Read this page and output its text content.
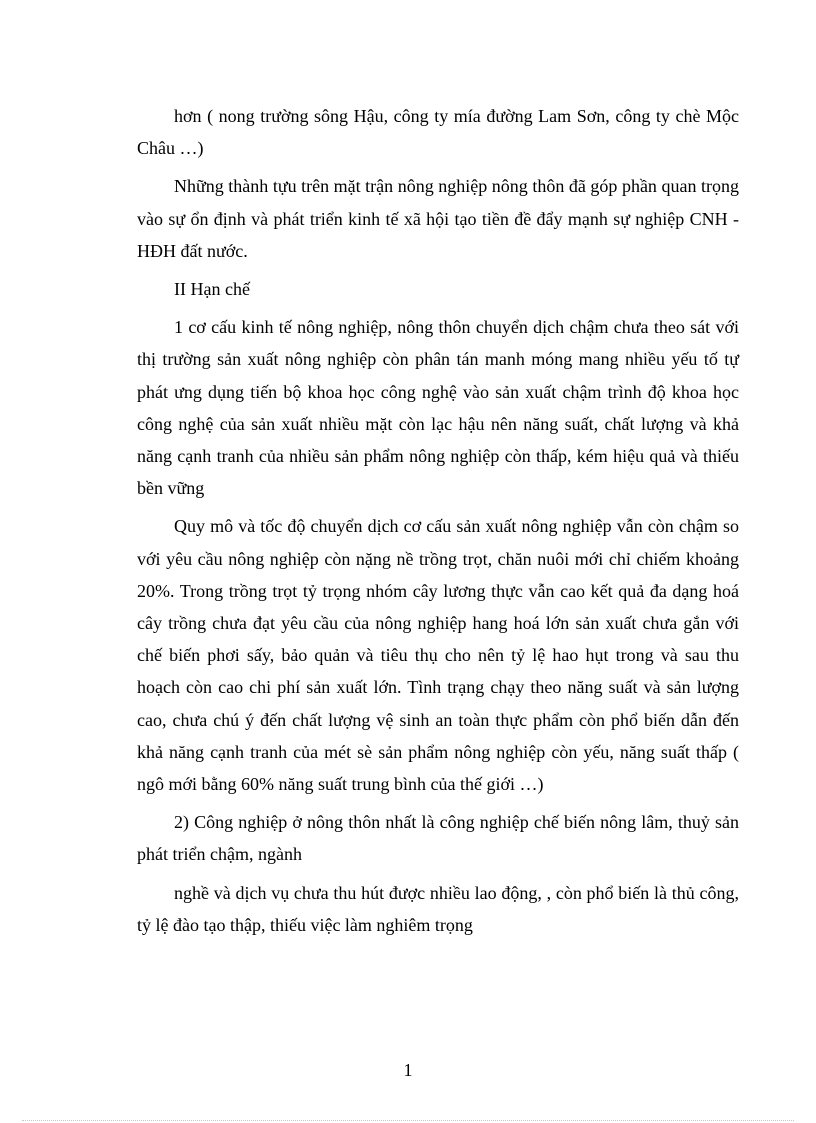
hơn ( nong trường sông Hậu, công ty mía đường Lam Sơn, công ty chè Mộc Châu …)

Những thành tựu trên mặt trận nông nghiệp nông thôn đã góp phần quan trọng vào sự ổn định và phát triển kinh tế xã hội tạo tiền đề đẩy mạnh sự nghiệp CNH - HĐH đất nước.

II Hạn chế

1 cơ cấu kinh tế nông nghiệp, nông thôn chuyển dịch chậm chưa theo sát với thị trường sản xuất nông nghiệp còn phân tán manh móng mang nhiều yếu tố tự phát ưng dụng tiến bộ khoa học công nghệ vào sản xuất chậm trình độ khoa học công nghệ của sản xuất nhiều mặt còn lạc hậu nên năng suất, chất lượng và khả năng cạnh tranh của nhiều sản phẩm nông nghiệp còn thấp, kém hiệu quả và thiếu bền vững

Quy mô và tốc độ chuyển dịch cơ cấu sản xuất nông nghiệp vẫn còn chậm so với yêu cầu nông nghiệp còn nặng nề trồng trọt, chăn nuôi mới chỉ chiếm khoảng 20%. Trong trồng trọt tỷ trọng nhóm cây lương thực vẫn cao kết quả đa dạng hoá cây trồng chưa đạt yêu cầu của nông nghiệp hang hoá lớn sản xuất chưa gắn với chế biến phơi sấy, bảo quản và tiêu thụ cho nên tỷ lệ hao hụt trong và sau thu hoạch còn cao chi phí sản xuất lớn. Tình trạng chạy theo năng suất và sản lượng cao, chưa chú ý đến chất lượng vệ sinh an toàn thực phẩm còn phổ biến dẫn đến khả năng cạnh tranh của mét sè sản phẩm nông nghiệp còn yếu, năng suất thấp ( ngô mới bằng 60% năng suất trung bình của thế giới …)

2) Công nghiệp ở nông thôn nhất là công nghiệp chế biến nông lâm, thuỷ sản phát triển chậm, ngành

nghề và dịch vụ chưa thu hút được nhiều lao động, , còn phổ biến là thủ công, tỷ lệ đào tạo thập, thiếu việc làm nghiêm trọng

1
